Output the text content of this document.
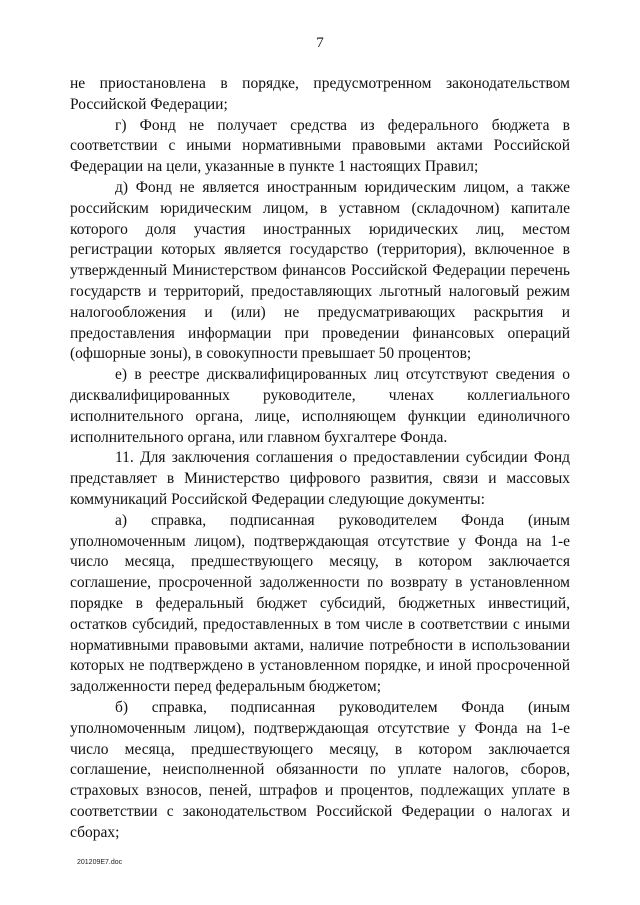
7

не приостановлена в порядке, предусмотренном законодательством Российской Федерации;

г) Фонд не получает средства из федерального бюджета в соответствии с иными нормативными правовыми актами Российской Федерации на цели, указанные в пункте 1 настоящих Правил;

д) Фонд не является иностранным юридическим лицом, а также российским юридическим лицом, в уставном (складочном) капитале которого доля участия иностранных юридических лиц, местом регистрации которых является государство (территория), включенное в утвержденный Министерством финансов Российской Федерации перечень государств и территорий, предоставляющих льготный налоговый режим налогообложения и (или) не предусматривающих раскрытия и предоставления информации при проведении финансовых операций (офшорные зоны), в совокупности превышает 50 процентов;

е) в реестре дисквалифицированных лиц отсутствуют сведения о дисквалифицированных руководителе, членах коллегиального исполнительного органа, лице, исполняющем функции единоличного исполнительного органа, или главном бухгалтере Фонда.

11. Для заключения соглашения о предоставлении субсидии Фонд представляет в Министерство цифрового развития, связи и массовых коммуникаций Российской Федерации следующие документы:

а) справка, подписанная руководителем Фонда (иным уполномоченным лицом), подтверждающая отсутствие у Фонда на 1-е число месяца, предшествующего месяцу, в котором заключается соглашение, просроченной задолженности по возврату в установленном порядке в федеральный бюджет субсидий, бюджетных инвестиций, остатков субсидий, предоставленных в том числе в соответствии с иными нормативными правовыми актами, наличие потребности в использовании которых не подтверждено в установленном порядке, и иной просроченной задолженности перед федеральным бюджетом;

б) справка, подписанная руководителем Фонда (иным уполномоченным лицом), подтверждающая отсутствие у Фонда на 1-е число месяца, предшествующего месяцу, в котором заключается соглашение, неисполненной обязанности по уплате налогов, сборов, страховых взносов, пеней, штрафов и процентов, подлежащих уплате в соответствии с законодательством Российской Федерации о налогах и сборах;

201209E7.doc
